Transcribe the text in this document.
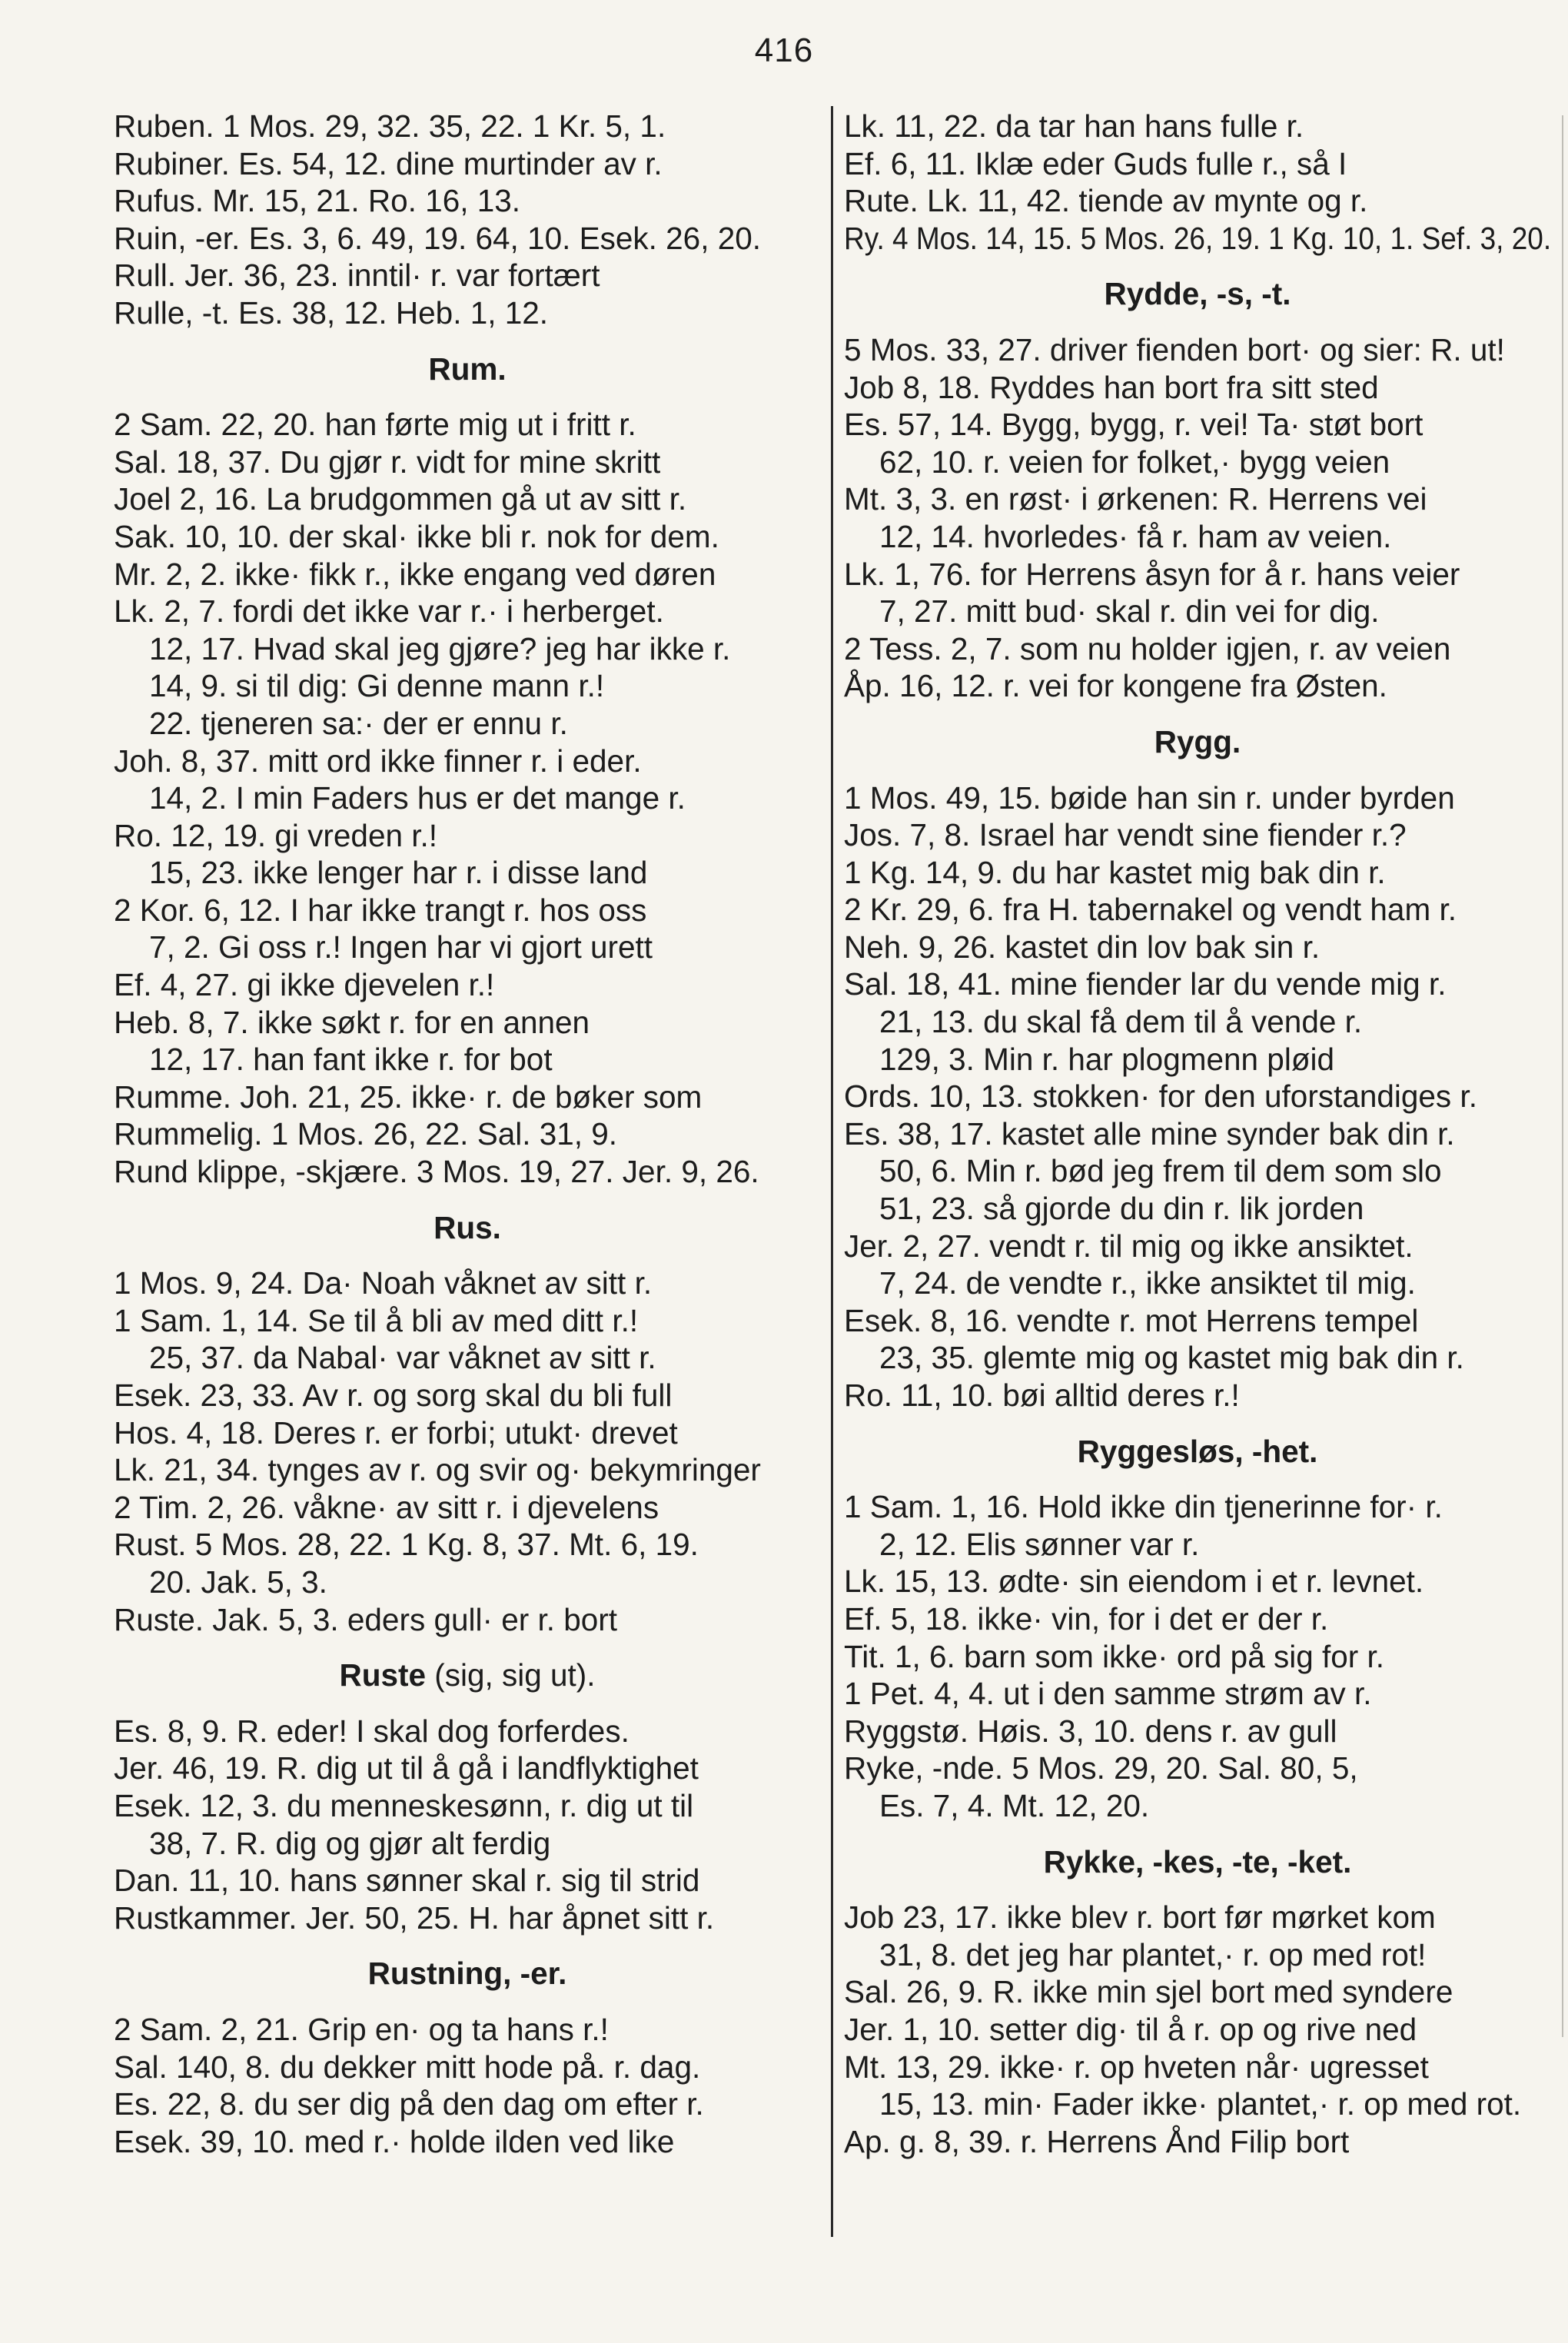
416
Ruben. 1 Mos. 29, 32. 35, 22. 1 Kr. 5, 1.
Rubiner. Es. 54, 12. dine murtinder av r.
Rufus. Mr. 15, 21. Ro. 16, 13.
Ruin, -er. Es. 3, 6. 49, 19. 64, 10. Esek. 26, 20.
Rull. Jer. 36, 23. inntil· r. var fortært
Rulle, -t. Es. 38, 12. Heb. 1, 12.
Rum.
2 Sam. 22, 20. han førte mig ut i fritt r.
Sal. 18, 37. Du gjør r. vidt for mine skritt
Joel 2, 16. La brudgommen gå ut av sitt r.
Sak. 10, 10. der skal· ikke bli r. nok for dem.
Mr. 2, 2. ikke· fikk r., ikke engang ved døren
Lk. 2, 7. fordi det ikke var r.· i herberget.
12, 17. Hvad skal jeg gjøre? jeg har ikke r.
14, 9. si til dig: Gi denne mann r.!
22. tjeneren sa:· der er ennu r.
Joh. 8, 37. mitt ord ikke finner r. i eder.
14, 2. I min Faders hus er det mange r.
Ro. 12, 19. gi vreden r.!
15, 23. ikke lenger har r. i disse land
2 Kor. 6, 12. I har ikke trangt r. hos oss
7, 2. Gi oss r.! Ingen har vi gjort urett
Ef. 4, 27. gi ikke djevelen r.!
Heb. 8, 7. ikke søkt r. for en annen
12, 17. han fant ikke r. for bot
Rumme. Joh. 21, 25. ikke· r. de bøker som
Rummelig. 1 Mos. 26, 22. Sal. 31, 9.
Rund klippe, -skjære. 3 Mos. 19, 27. Jer. 9, 26.
Rus.
1 Mos. 9, 24. Da· Noah våknet av sitt r.
1 Sam. 1, 14. Se til å bli av med ditt r.!
25, 37. da Nabal· var våknet av sitt r.
Esek. 23, 33. Av r. og sorg skal du bli full
Hos. 4, 18. Deres r. er forbi; utukt· drevet
Lk. 21, 34. tynges av r. og svir og· bekymringer
2 Tim. 2, 26. våkne· av sitt r. i djevelens
Rust. 5 Mos. 28, 22. 1 Kg. 8, 37. Mt. 6, 19.
20. Jak. 5, 3.
Ruste. Jak. 5, 3. eders gull· er r. bort
Ruste (sig, sig ut).
Es. 8, 9. R. eder! I skal dog forferdes.
Jer. 46, 19. R. dig ut til å gå i landflyktighet
Esek. 12, 3. du menneskesønn, r. dig ut til
38, 7. R. dig og gjør alt ferdig
Dan. 11, 10. hans sønner skal r. sig til strid
Rustkammer. Jer. 50, 25. H. har åpnet sitt r.
Rustning, -er.
2 Sam. 2, 21. Grip en· og ta hans r.!
Sal. 140, 8. du dekker mitt hode på. r. dag.
Es. 22, 8. du ser dig på den dag om efter r.
Esek. 39, 10. med r.· holde ilden ved like
Lk. 11, 22. da tar han hans fulle r.
Ef. 6, 11. Iklæ eder Guds fulle r., så I
Rute. Lk. 11, 42. tiende av mynte og r.
Ry. 4 Mos. 14, 15. 5 Mos. 26, 19. 1 Kg. 10, 1. Sef. 3, 20.
Rydde, -s, -t.
5 Mos. 33, 27. driver fienden bort· og sier: R. ut!
Job 8, 18. Ryddes han bort fra sitt sted
Es. 57, 14. Bygg, bygg, r. vei! Ta· støt bort
62, 10. r. veien for folket,· bygg veien
Mt. 3, 3. en røst· i ørkenen: R. Herrens vei
12, 14. hvorledes· få r. ham av veien.
Lk. 1, 76. for Herrens åsyn for å r. hans veier
7, 27. mitt bud· skal r. din vei for dig.
2 Tess. 2, 7. som nu holder igjen, r. av veien
Åp. 16, 12. r. vei for kongene fra Østen.
Rygg.
1 Mos. 49, 15. bøide han sin r. under byrden
Jos. 7, 8. Israel har vendt sine fiender r.?
1 Kg. 14, 9. du har kastet mig bak din r.
2 Kr. 29, 6. fra H. tabernakel og vendt ham r.
Neh. 9, 26. kastet din lov bak sin r.
Sal. 18, 41. mine fiender lar du vende mig r.
21, 13. du skal få dem til å vende r.
129, 3. Min r. har plogmenn pløid
Ords. 10, 13. stokken· for den uforstandiges r.
Es. 38, 17. kastet alle mine synder bak din r.
50, 6. Min r. bød jeg frem til dem som slo
51, 23. så gjorde du din r. lik jorden
Jer. 2, 27. vendt r. til mig og ikke ansiktet.
7, 24. de vendte r., ikke ansiktet til mig.
Esek. 8, 16. vendte r. mot Herrens tempel
23, 35. glemte mig og kastet mig bak din r.
Ro. 11, 10. bøi alltid deres r.!
Ryggesløs, -het.
1 Sam. 1, 16. Hold ikke din tjenerinne for· r.
2, 12. Elis sønner var r.
Lk. 15, 13. ødte· sin eiendom i et r. levnet.
Ef. 5, 18. ikke· vin, for i det er der r.
Tit. 1, 6. barn som ikke· ord på sig for r.
1 Pet. 4, 4. ut i den samme strøm av r.
Ryggstø. Høis. 3, 10. dens r. av gull
Ryke, -nde. 5 Mos. 29, 20. Sal. 80, 5,
Es. 7, 4. Mt. 12, 20.
Rykke, -kes, -te, -ket.
Job 23, 17. ikke blev r. bort før mørket kom
31, 8. det jeg har plantet,· r. op med rot!
Sal. 26, 9. R. ikke min sjel bort med syndere
Jer. 1, 10. setter dig· til å r. op og rive ned
Mt. 13, 29. ikke· r. op hveten når· ugresset
15, 13. min· Fader ikke· plantet,· r. op med rot.
Ap. g. 8, 39. r. Herrens Ånd Filip bort
